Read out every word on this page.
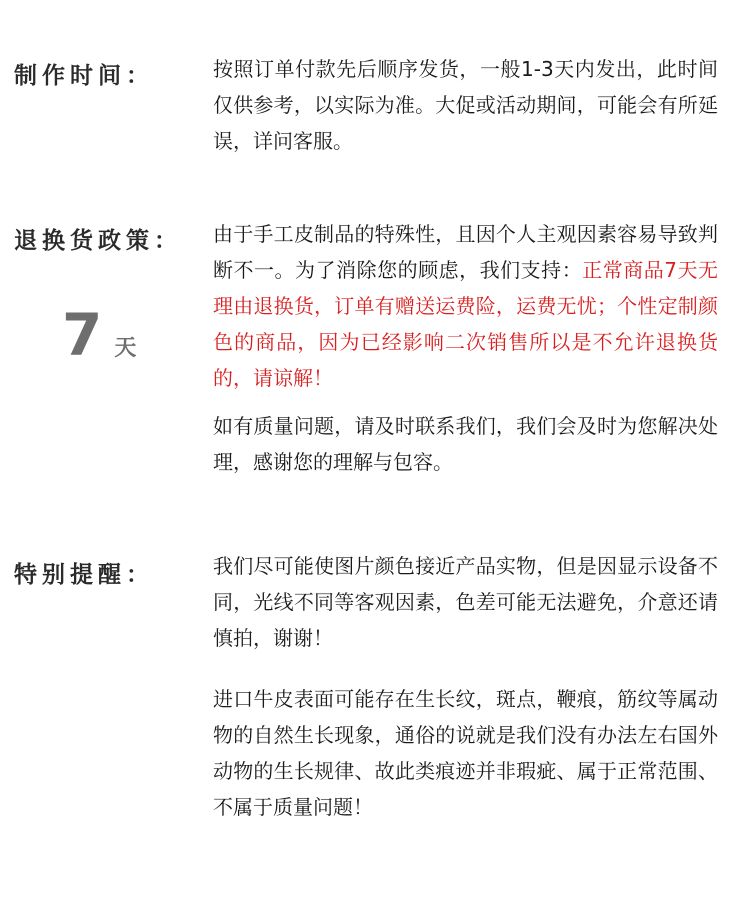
制作时间：	按照订单付款先后顺序发货，一般1-3天内发出，此时间仅供参考，以实际为准。大促或活动期间，可能会有所延误，详问客服。

退换货政策：
7 天

由于手工皮制品的特殊性，且因个人主观因素容易导致判断不一。为了消除您的顾虑，我们支持：正常商品7天无理由退换货，订单有赠送运费险，运费无忧；个性定制颜色的商品，因为已经影响二次销售所以是不允许退换货的，请谅解！

如有质量问题，请及时联系我们，我们会及时为您解决处理，感谢您的理解与包容。

特别提醒：	我们尽可能使图片颜色接近产品实物，但是因显示设备不同，光线不同等客观因素，色差可能无法避免，介意还请慎拍，谢谢！

进口牛皮表面可能存在生长纹，斑点，鞭痕，筋纹等属动物的自然生长现象，通俗的说就是我们没有办法左右国外动物的生长规律、故此类痕迹并非瑕疵、属于正常范围、不属于质量问题！
